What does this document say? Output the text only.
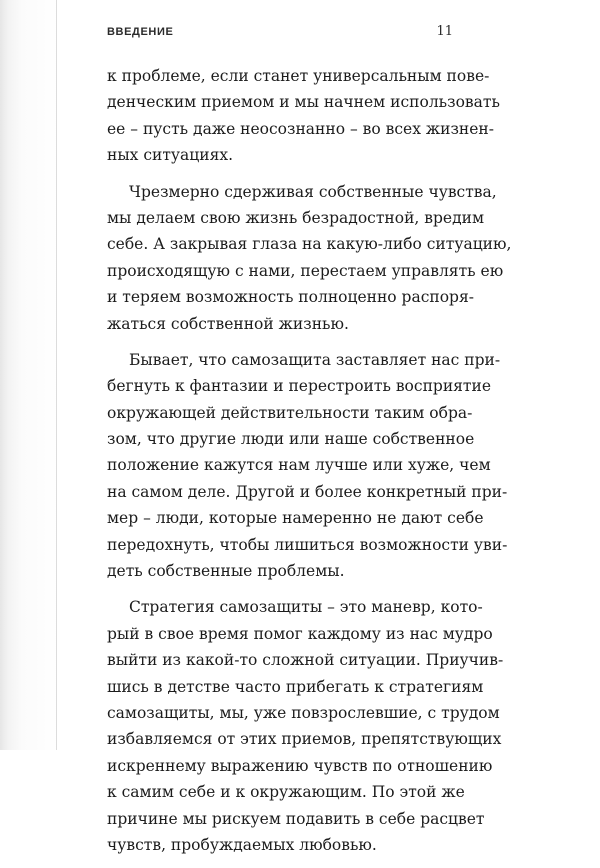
ВВЕДЕНИЕ	11
к проблеме, если станет универсальным пове-
денческим приемом и мы начнем использовать
ее – пусть даже неосознанно – во всех жизнен-
ных ситуациях.
Чрезмерно сдерживая собственные чувства,
мы делаем свою жизнь безрадостной, вредим
себе. А закрывая глаза на какую-либо ситуацию,
происходящую с нами, перестаем управлять ею
и теряем возможность полноценно распоря-
жаться собственной жизнью.
Бывает, что самозащита заставляет нас при-
бегнуть к фантазии и перестроить восприятие
окружающей действительности таким обра-
зом, что другие люди или наше собственное
положение кажутся нам лучше или хуже, чем
на самом деле. Другой и более конкретный при-
мер – люди, которые намеренно не дают себе
передохнуть, чтобы лишиться возможности уви-
деть собственные проблемы.
Стратегия самозащиты – это маневр, кото-
рый в свое время помог каждому из нас мудро
выйти из какой-то сложной ситуации. Приучив-
шись в детстве часто прибегать к стратегиям
самозащиты, мы, уже повзрослевшие, с трудом
избавляемся от этих приемов, препятствующих
искреннему выражению чувств по отношению
к самим себе и к окружающим. По этой же
причине мы рискуем подавить в себе расцвет
чувств, пробуждаемых любовью.
